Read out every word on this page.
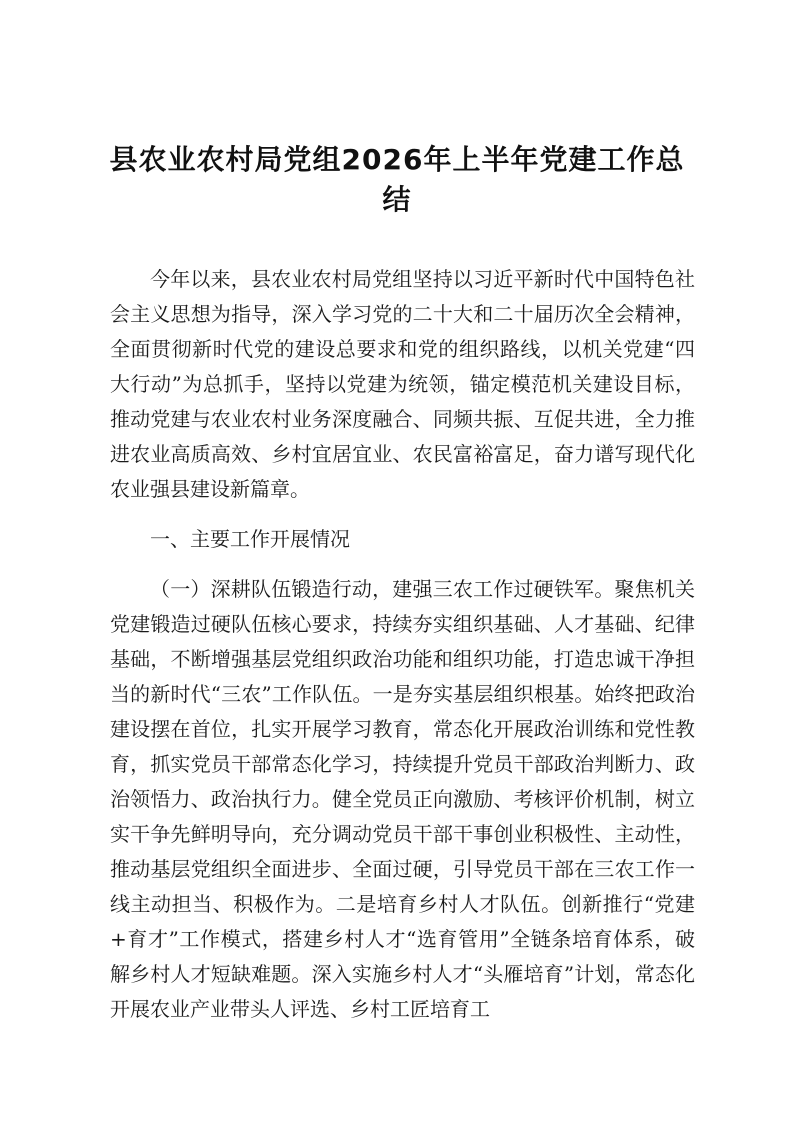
县农业农村局党组2026年上半年党建工作总结

今年以来，县农业农村局党组坚持以习近平新时代中国特色社会主义思想为指导，深入学习党的二十大和二十届历次全会精神，全面贯彻新时代党的建设总要求和党的组织路线，以机关党建“四大行动”为总抓手，坚持以党建为统领，锚定模范机关建设目标，推动党建与农业农村业务深度融合、同频共振、互促共进，全力推进农业高质高效、乡村宜居宜业、农民富裕富足，奋力谱写现代化农业强县建设新篇章。

一、主要工作开展情况

（一）深耕队伍锻造行动，建强三农工作过硬铁军。聚焦机关党建锻造过硬队伍核心要求，持续夯实组织基础、人才基础、纪律基础，不断增强基层党组织政治功能和组织功能，打造忠诚干净担当的新时代“三农”工作队伍。一是夯实基层组织根基。始终把政治建设摆在首位，扎实开展学习教育，常态化开展政治训练和党性教育，抓实党员干部常态化学习，持续提升党员干部政治判断力、政治领悟力、政治执行力。健全党员正向激励、考核评价机制，树立实干争先鲜明导向，充分调动党员干部干事创业积极性、主动性，推动基层党组织全面进步、全面过硬，引导党员干部在三农工作一线主动担当、积极作为。二是培育乡村人才队伍。创新推行“党建+育才”工作模式，搭建乡村人才“选育管用”全链条培育体系，破解乡村人才短缺难题。深入实施乡村人才“头雁培育”计划，常态化开展农业产业带头人评选、乡村工匠培育工
